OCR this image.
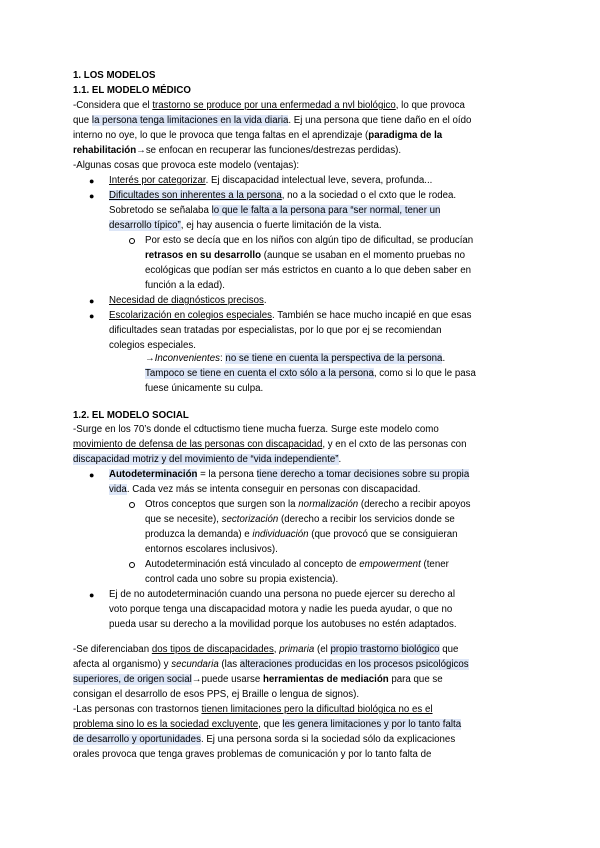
1. LOS MODELOS
1.1. EL MODELO MÉDICO
-Considera que el trastorno se produce por una enfermedad a nvl biológico, lo que provoca
que la persona tenga limitaciones en la vida diaria. Ej una persona que tiene daño en el oído
interno no oye, lo que le provoca que tenga faltas en el aprendizaje (paradigma de la
rehabilitación→se enfocan en recuperar las funciones/destrezas perdidas).
-Algunas cosas que provoca este modelo (ventajas):
● Interés por categorizar. Ej discapacidad intelectual leve, severa, profunda...
● Dificultades son inherentes a la persona, no a la sociedad o el cxto que le rodea.
Sobretodo se señalaba lo que le falta a la persona para “ser normal, tener un
desarrollo típico”, ej hay ausencia o fuerte limitación de la vista.
Por esto se decía que en los niños con algún tipo de dificultad, se producían
retrasos en su desarrollo (aunque se usaban en el momento pruebas no
ecológicas que podían ser más estrictos en cuanto a lo que deben saber en
función a la edad).
● Necesidad de diagnósticos precisos.
● Escolarización en colegios especiales. También se hace mucho incapié en que esas
dificultades sean tratadas por especialistas, por lo que por ej se recomiendan
colegios especiales.
→Inconvenientes: no se tiene en cuenta la perspectiva de la persona.
Tampoco se tiene en cuenta el cxto sólo a la persona, como si lo que le pasa
fuese únicamente su culpa.
1.2. EL MODELO SOCIAL
-Surge en los 70’s donde el cdtuctismo tiene mucha fuerza. Surge este modelo como
movimiento de defensa de las personas con discapacidad, y en el cxto de las personas con
discapacidad motriz y del movimiento de “vida independiente”.
● Autodeterminación = la persona tiene derecho a tomar decisiones sobre su propia
vida. Cada vez más se intenta conseguir en personas con discapacidad.
Otros conceptos que surgen son la normalización (derecho a recibir apoyos
que se necesite), sectorización (derecho a recibir los servicios donde se
produzca la demanda) e individuación (que provocó que se consiguieran
entornos escolares inclusivos).
Autodeterminación está vinculado al concepto de empowerment (tener
control cada uno sobre su propia existencia).
● Ej de no autodeterminación cuando una persona no puede ejercer su derecho al
voto porque tenga una discapacidad motora y nadie les pueda ayudar, o que no
pueda usar su derecho a la movilidad porque los autobuses no estén adaptados.
-Se diferenciaban dos tipos de discapacidades, primaria (el propio trastorno biológico que
afecta al organismo) y secundaria (las alteraciones producidas en los procesos psicológicos
superiores, de origen social→puede usarse herramientas de mediación para que se
consigan el desarrollo de esos PPS, ej Braille o lengua de signos).
-Las personas con trastornos tienen limitaciones pero la dificultad biológica no es el
problema sino lo es la sociedad excluyente, que les genera limitaciones y por lo tanto falta
de desarrollo y oportunidades. Ej una persona sorda si la sociedad sólo da explicaciones
orales provoca que tenga graves problemas de comunicación y por lo tanto falta de
